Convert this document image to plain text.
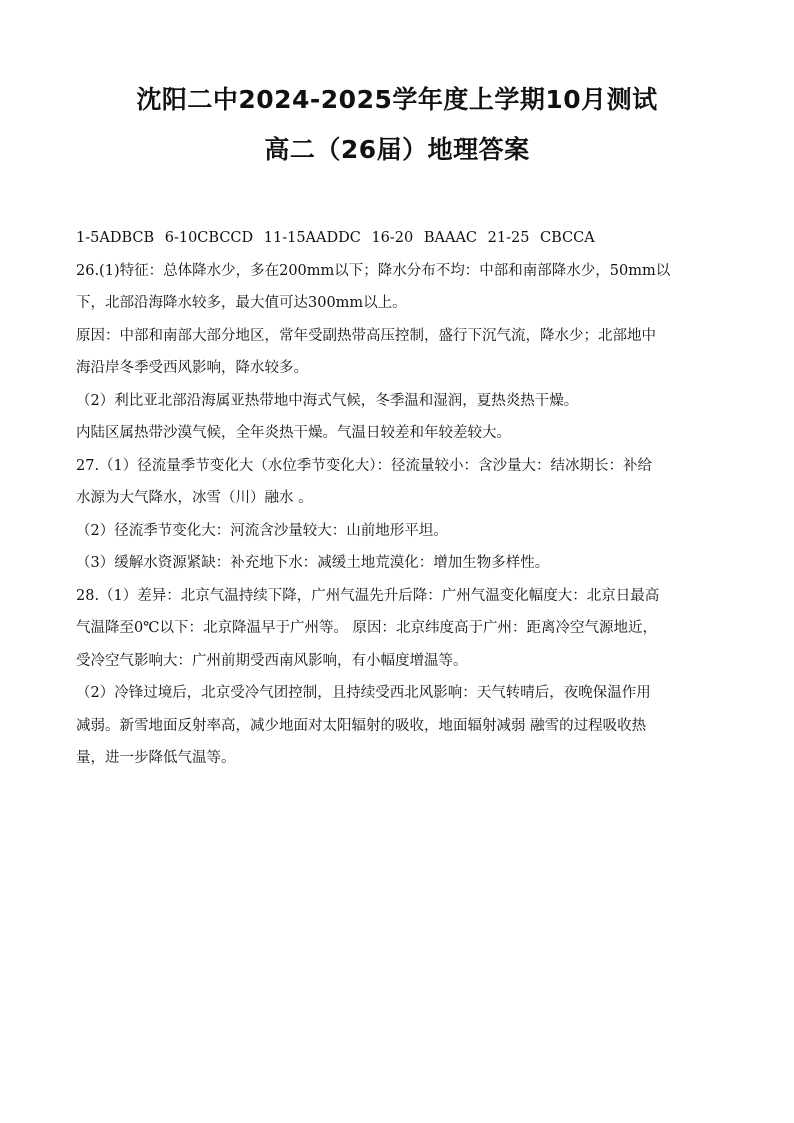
沈阳二中2024-2025学年度上学期10月测试
高二（26届）地理答案
1-5ADBCB 6-10CBCCD 11-15AADDC 16-20 BAAAC 21-25 CBCCA
26.(1)特征：总体降水少，多在200mm以下；降水分布不均：中部和南部降水少，50mm以
下，北部沿海降水较多，最大值可达300mm以上。
原因：中部和南部大部分地区，常年受副热带高压控制，盛行下沉气流，降水少；北部地中
海沿岸冬季受西风影响，降水较多。
（2）利比亚北部沿海属亚热带地中海式气候，冬季温和湿润，夏热炎热干燥。
内陆区属热带沙漠气候，全年炎热干燥。气温日较差和年较差较大。
27.（1）径流量季节变化大（水位季节变化大）：径流量较小：含沙量大：结冰期长：补给
水源为大气降水，冰雪（川）融水 。
（2）径流季节变化大：河流含沙量较大：山前地形平坦。
（3）缓解水资源紧缺：补充地下水：减缓土地荒漠化：增加生物多样性。
28.（1）差异：北京气温持续下降，广州气温先升后降：广州气温变化幅度大：北京日最高
气温降至0℃以下：北京降温早于广州等。 原因：北京纬度高于广州：距离冷空气源地近，
受冷空气影响大：广州前期受西南风影响，有小幅度增温等。
（2）冷锋过境后，北京受冷气团控制，且持续受西北风影响：天气转晴后，夜晚保温作用
减弱。新雪地面反射率高，减少地面对太阳辐射的吸收，地面辐射减弱 融雪的过程吸收热
量，进一步降低气温等。
